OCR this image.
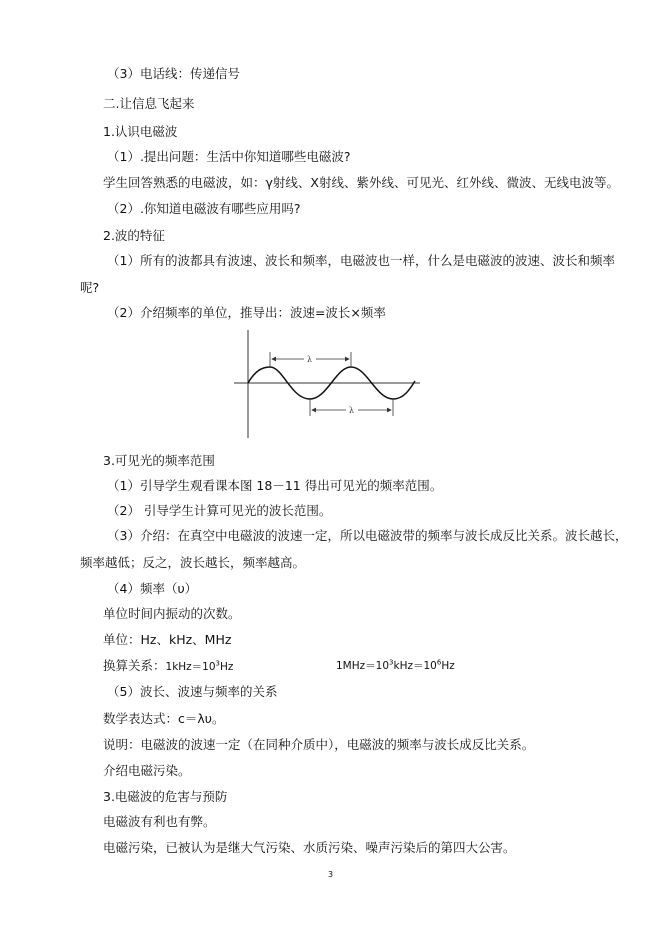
（3）电话线：传递信号
二.让信息飞起来
1.认识电磁波
（1）.提出问题：生活中你知道哪些电磁波?
学生回答熟悉的电磁波，如：γ射线、X射线、紫外线、可见光、红外线、微波、无线电波等。
（2）.你知道电磁波有哪些应用吗?
2.波的特征
（1）所有的波都具有波速、波长和频率，电磁波也一样，什么是电磁波的波速、波长和频率
呢?
（2）介绍频率的单位，推导出：波速=波长×频率
3.可见光的频率范围
（1）引导学生观看课本图 18－11 得出可见光的频率范围。
（2） 引导学生计算可见光的波长范围。
（3）介绍：在真空中电磁波的波速一定，所以电磁波带的频率与波长成反比关系。波长越长，
频率越低；反之，波长越长，频率越高。
（4）频率（υ）
单位时间内振动的次数。
单位：Hz、kHz、MHz
（5）波长、波速与频率的关系
数学表达式：c＝λυ。
说明：电磁波的波速一定（在同种介质中），电磁波的频率与波长成反比关系。
介绍电磁污染。
3.电磁波的危害与预防
电磁波有利也有弊。
电磁污染，已被认为是继大气污染、水质污染、噪声污染后的第四大公害。
换算关系：$1kHz=10^3Hz$	$1MHz=10^3kHz=10^6Hz$
λ
λ
3
